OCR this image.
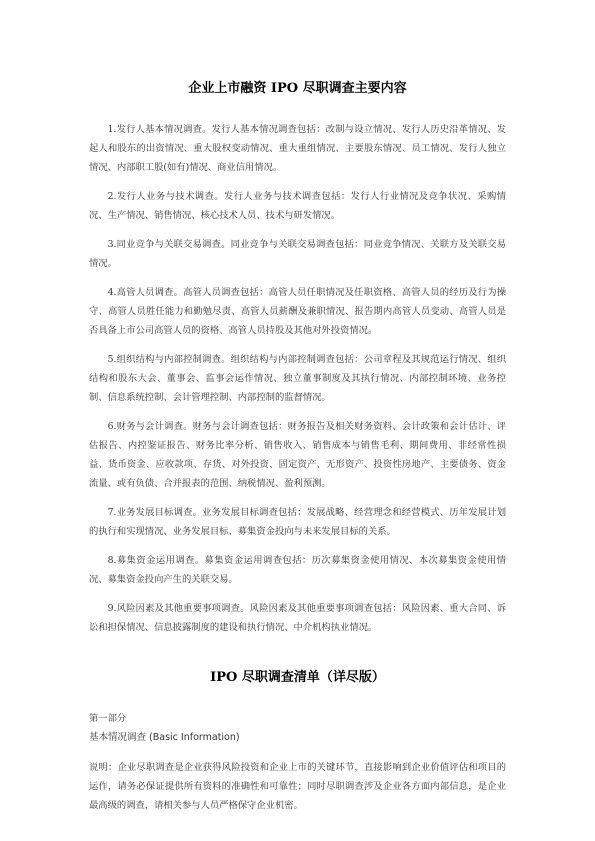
企业上市融资 IPO 尽职调查主要内容

1.发行人基本情况调查。发行人基本情况调查包括：改制与设立情况、发行人历史沿革情况、发起人和股东的出资情况、重大股权变动情况、重大重组情况、主要股东情况、员工情况、发行人独立情况、内部职工股(如有)情况、商业信用情况。

2.发行人业务与技术调查。发行人业务与技术调查包括：发行人行业情况及竞争状况、采购情况、生产情况、销售情况、核心技术人员、技术与研发情况。

3.同业竞争与关联交易调查。同业竞争与关联交易调查包括：同业竞争情况、关联方及关联交易情况。

4.高管人员调查。高管人员调查包括：高管人员任职情况及任职资格、高管人员的经历及行为操守、高管人员胜任能力和勤勉尽责、高管人员薪酬及兼职情况、报告期内高管人员变动、高管人员是否具备上市公司高管人员的资格、高管人员持股及其他对外投资情况。

5.组织结构与内部控制调查。组织结构与内部控制调查包括：公司章程及其规范运行情况、组织结构和股东大会、董事会、监事会运作情况、独立董事制度及其执行情况、内部控制环境、业务控制、信息系统控制、会计管理控制、内部控制的监督情况。

6.财务与会计调查。财务与会计调查包括：财务报告及相关财务资料、会计政策和会计估计、评估报告、内控鉴证报告、财务比率分析、销售收入、销售成本与销售毛利、期间费用、非经常性损益、货币资金、应收款项、存货、对外投资、固定资产、无形资产、投资性房地产、主要债务、资金流量、或有负债、合并报表的范围、纳税情况、盈利预测。

7.业务发展目标调查。业务发展目标调查包括：发展战略、经营理念和经营模式、历年发展计划的执行和实现情况、业务发展目标、募集资金投向与未来发展目标的关系。

8.募集资金运用调查。募集资金运用调查包括：历次募集资金使用情况、本次募集资金使用情况、募集资金投向产生的关联交易。

9.风险因素及其他重要事项调查。风险因素及其他重要事项调查包括：风险因素、重大合同、诉讼和担保情况、信息披露制度的建设和执行情况、中介机构执业情况。

IPO 尽职调查清单（详尽版）

第一部分

基本情况调查 (Basic Information)

说明：企业尽职调查是企业获得风险投资和企业上市的关键环节，直接影响到企业价值评估和项目的运作，请务必保证提供所有资料的准确性和可靠性；同时尽职调查涉及企业各方面内部信息，是企业最高级的调查，请相关参与人员严格保守企业机密。
